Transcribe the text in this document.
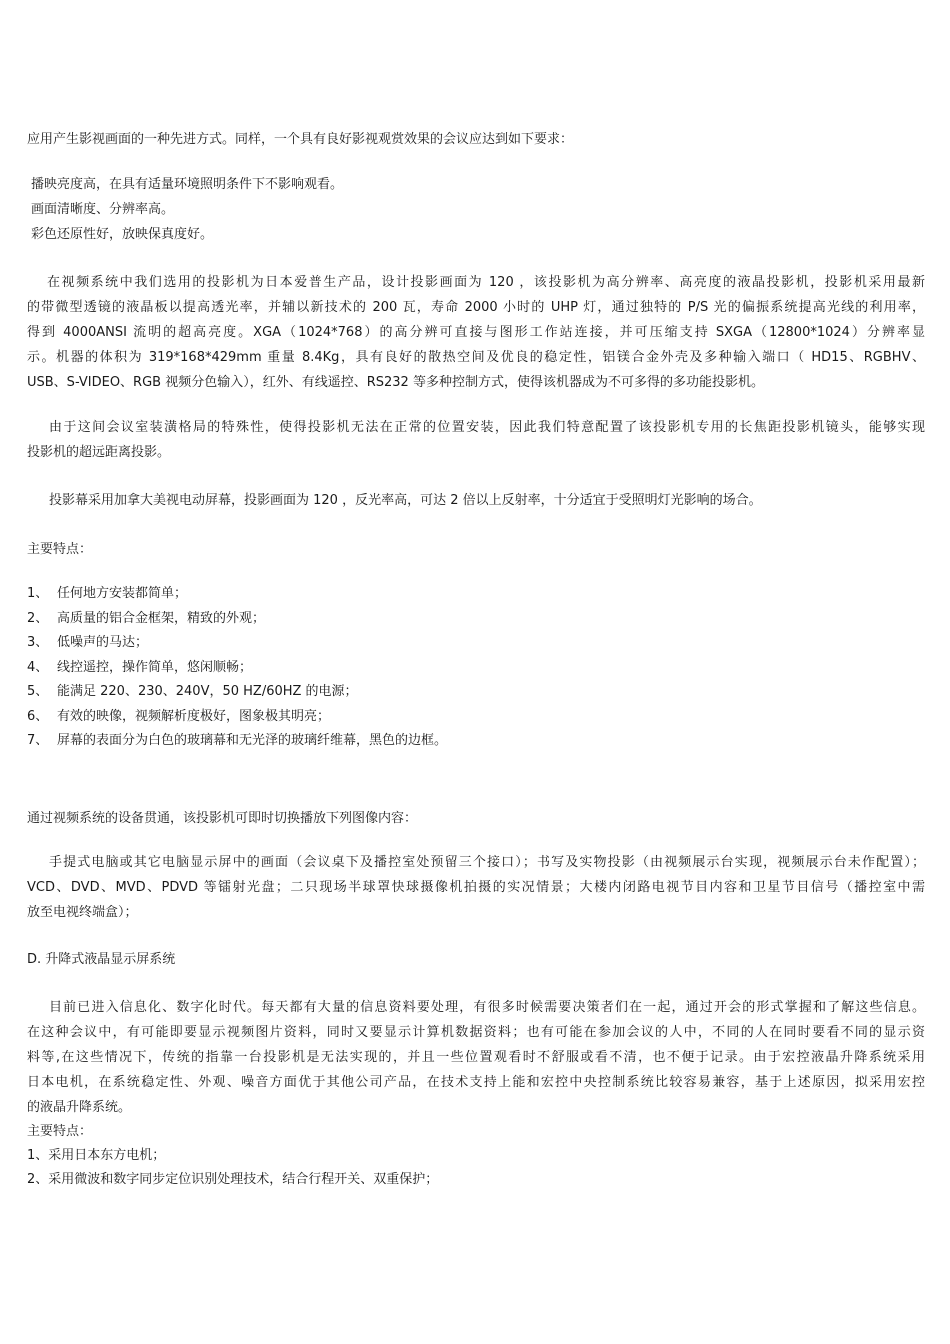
应用产生影视画面的一种先进方式。同样，一个具有良好影视观赏效果的会议应达到如下要求：

播映亮度高，在具有适量环境照明条件下不影响观看。
画面清晰度、分辨率高。
彩色还原性好，放映保真度好。
在视频系统中我们选用的投影机为日本爱普生产品，设计投影画面为 120 ，该投影机为高分辨率、高亮度的液晶投影机，投影机采用最新
的带微型透镜的液晶板以提高透光率，并辅以新技术的 200 瓦，寿命 2000 小时的 UHP 灯，通过独特的 P/S 光的偏振系统提高光线的利用率，
得到 4000ANSI 流明的超高亮度。XGA（1024*768）的高分辨可直接与图形工作站连接，并可压缩支持 SXGA（12800*1024）分辨率显
示。机器的体积为 319*168*429mm 重量 8.4Kg，具有良好的散热空间及优良的稳定性，铝镁合金外壳及多种输入端口（ HD15、RGBHV、
USB、S-VIDEO、RGB 视频分色输入），红外、有线遥控、RS232 等多种控制方式，使得该机器成为不可多得的多功能投影机。
由于这间会议室装潢格局的特殊性，使得投影机无法在正常的位置安装，因此我们特意配置了该投影机专用的长焦距投影机镜头，能够实现
投影机的超远距离投影。

投影幕采用加拿大美视电动屏幕，投影画面为 120 ，反光率高，可达 2 倍以上反射率，十分适宜于受照明灯光影响的场合。

主要特点：

1、 任何地方安装都简单；
2、 高质量的铝合金框架，精致的外观；
3、 低噪声的马达；
4、 线控遥控，操作简单，悠闲顺畅；
5、 能满足 220、230、240V，50 HZ/60HZ 的电源；
6、 有效的映像，视频解析度极好，图象极其明亮；
7、 屏幕的表面分为白色的玻璃幕和无光泽的玻璃纤维幕，黑色的边框。

通过视频系统的设备贯通，该投影机可即时切换播放下列图像内容：

手提式电脑或其它电脑显示屏中的画面（会议桌下及播控室处预留三个接口）；书写及实物投影（由视频展示台实现，视频展示台未作配置）；
VCD、DVD、MVD、PDVD 等镭射光盘；二只现场半球罩快球摄像机拍摄的实况情景；大楼内闭路电视节目内容和卫星节目信号（播控室中需
放至电视终端盒）；

D. 升降式液晶显示屏系统

目前已进入信息化、数字化时代。每天都有大量的信息资料要处理，有很多时候需要决策者们在一起，通过开会的形式掌握和了解这些信息。
在这种会议中，有可能即要显示视频图片资料，同时又要显示计算机数据资料；也有可能在参加会议的人中，不同的人在同时要看不同的显示资
料等,在这些情况下，传统的指靠一台投影机是无法实现的，并且一些位置观看时不舒服或看不清，也不便于记录。由于宏控液晶升降系统采用
日本电机，在系统稳定性、外观、噪音方面优于其他公司产品，在技术支持上能和宏控中央控制系统比较容易兼容，基于上述原因，拟采用宏控
的液晶升降系统。
主要特点：
1、采用日本东方电机；
2、采用微波和数字同步定位识别处理技术，结合行程开关、双重保护；
